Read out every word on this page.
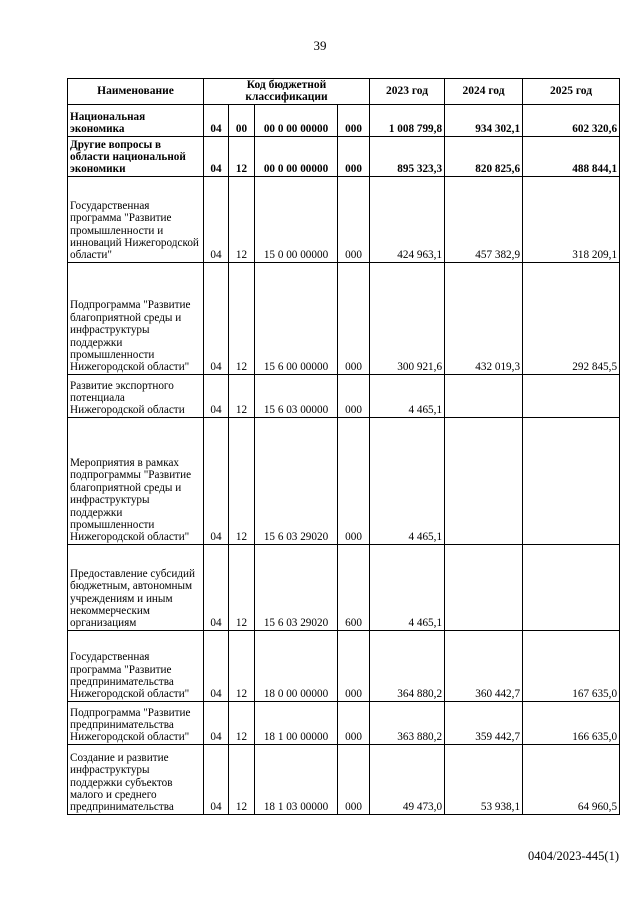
39
Наименование	Код бюджетной классификации				2023 год	2024 год	2025 год
Национальная экономика	04	00	00 0 00 00000	000	1 008 799,8	934 302,1	602 320,6
Другие вопросы в области национальной экономики	04	12	00 0 00 00000	000	895 323,3	820 825,6	488 844,1
Государственная программа "Развитие промышленности и инноваций Нижегородской области"	04	12	15 0 00 00000	000	424 963,1	457 382,9	318 209,1
Подпрограмма "Развитие благоприятной среды и инфраструктуры поддержки промышленности Нижегородской области"	04	12	15 6 00 00000	000	300 921,6	432 019,3	292 845,5
Развитие экспортного потенциала Нижегородской области	04	12	15 6 03 00000	000	4 465,1		
Мероприятия в рамках подпрограммы "Развитие благоприятной среды и инфраструктуры поддержки промышленности Нижегородской области"	04	12	15 6 03 29020	000	4 465,1		
Предоставление субсидий бюджетным, автономным учреждениям и иным некоммерческим организациям	04	12	15 6 03 29020	600	4 465,1		
Государственная программа "Развитие предпринимательства Нижегородской области"	04	12	18 0 00 00000	000	364 880,2	360 442,7	167 635,0
Подпрограмма "Развитие предпринимательства Нижегородской области"	04	12	18 1 00 00000	000	363 880,2	359 442,7	166 635,0
Создание и развитие инфраструктуры поддержки субъектов малого и среднего предпринимательства	04	12	18 1 03 00000	000	49 473,0	53 938,1	64 960,5
0404/2023-445(1)
